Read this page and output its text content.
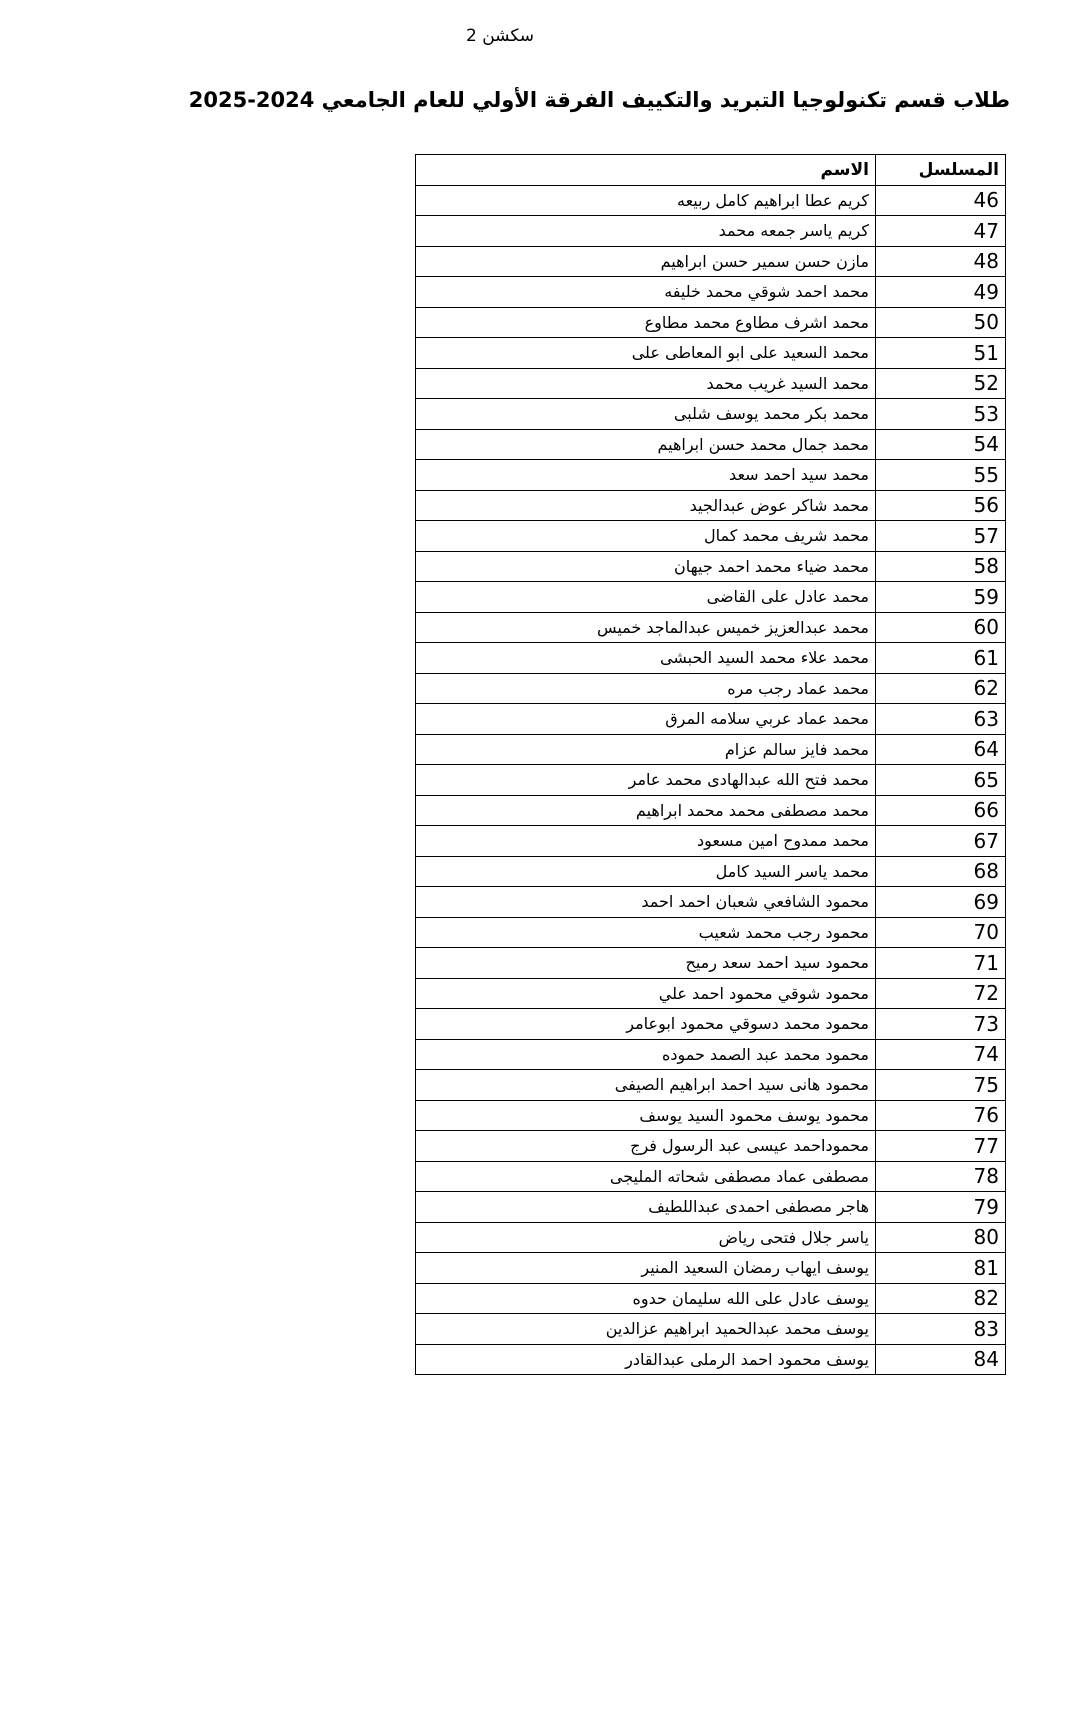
سكشن 2
طلاب قسم تكنولوجيا التبريد والتكييف الفرقة الأولي للعام الجامعي 2024-2025
المسلسل	الاسم
46	كريم عطا ابراهيم كامل ربيعه
47	كريم ياسر جمعه محمد
48	مازن حسن سمير حسن ابراهيم
49	محمد احمد شوقي محمد خليفه
50	محمد اشرف مطاوع محمد مطاوع
51	محمد السعيد على ابو المعاطى على
52	محمد السيد غريب محمد
53	محمد بكر محمد يوسف شلبى
54	محمد جمال محمد حسن ابراهيم
55	محمد سيد احمد سعد
56	محمد شاكر عوض عبدالجيد
57	محمد شريف محمد كمال
58	محمد ضياء محمد احمد جيهان
59	محمد عادل على القاضى
60	محمد عبدالعزيز خميس عبدالماجد خميس
61	محمد علاء محمد السيد الحبشى
62	محمد عماد رجب مره
63	محمد عماد عربي سلامه المرق
64	محمد فايز سالم عزام
65	محمد فتح الله عبدالهادى محمد عامر
66	محمد مصطفى محمد محمد ابراهيم
67	محمد ممدوح امين مسعود
68	محمد ياسر السيد كامل
69	محمود الشافعي شعبان احمد احمد
70	محمود رجب محمد شعيب
71	محمود سيد احمد سعد رميح
72	محمود شوقي محمود احمد علي
73	محمود محمد دسوقي محمود ابوعامر
74	محمود محمد عبد الصمد حموده
75	محمود هانى سيد احمد ابراهيم الصيفى
76	محمود يوسف محمود السيد يوسف
77	محموداحمد عيسى عبد الرسول فرج
78	مصطفى عماد مصطفى شحاته المليجى
79	هاجر مصطفى احمدى عبداللطيف
80	ياسر جلال فتحى رياض
81	يوسف ايهاب رمضان السعيد المنير
82	يوسف عادل على الله سليمان حدوه
83	يوسف محمد عبدالحميد ابراهيم عزالدين
84	يوسف محمود احمد الرملى عبدالقادر
